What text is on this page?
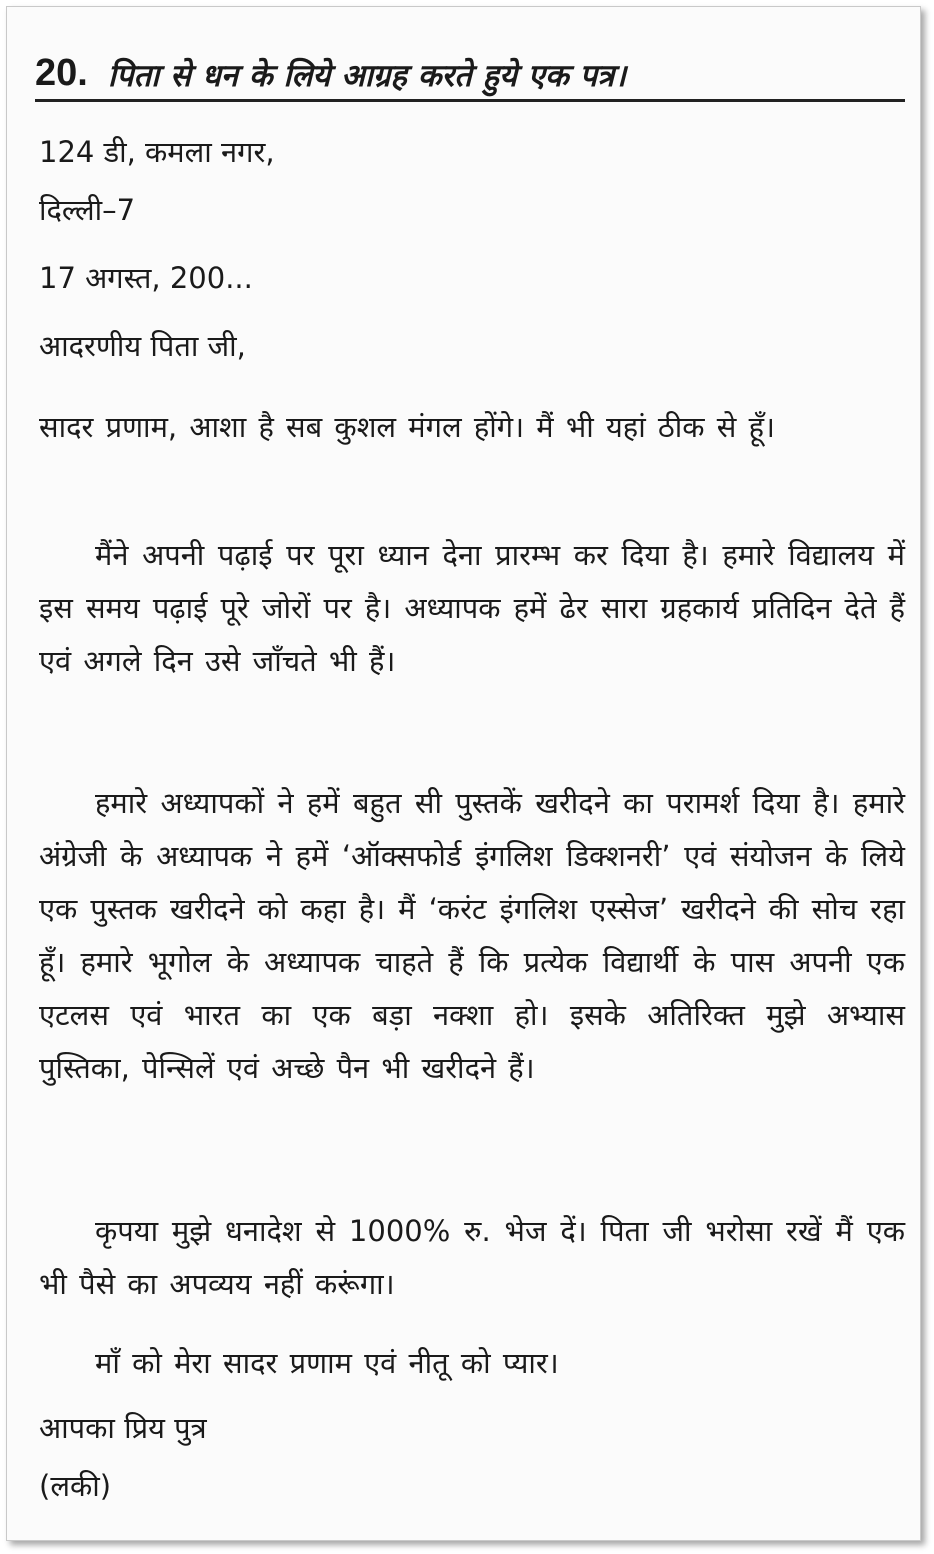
20. पिता से धन के लिये आग्रह करते हुये एक पत्र।
124 डी, कमला नगर,
दिल्ली–7
17 अगस्त, 200...
आदरणीय पिता जी,
सादर प्रणाम, आशा है सब कुशल मंगल होंगे। मैं भी यहां ठीक से हूँ।
मैंने अपनी पढ़ाई पर पूरा ध्यान देना प्रारम्भ कर दिया है। हमारे विद्यालय में इस समय पढ़ाई पूरे जोरों पर है। अध्यापक हमें ढेर सारा ग्रहकार्य प्रतिदिन देते हैं एवं अगले दिन उसे जाँचते भी हैं।
हमारे अध्यापकों ने हमें बहुत सी पुस्तकें खरीदने का परामर्श दिया है। हमारे अंग्रेजी के अध्यापक ने हमें ‘ऑक्सफोर्ड इंगलिश डिक्शनरी’ एवं संयोजन के लिये एक पुस्तक खरीदने को कहा है। मैं ‘करंट इंगलिश एस्सेज’ खरीदने की सोच रहा हूँ। हमारे भूगोल के अध्यापक चाहते हैं कि प्रत्येक विद्यार्थी के पास अपनी एक एटलस एवं भारत का एक बड़ा नक्शा हो। इसके अतिरिक्त मुझे अभ्यास पुस्तिका, पेन्सिलें एवं अच्छे पैन भी खरीदने हैं।
कृपया मुझे धनादेश से 1000% रु. भेज दें। पिता जी भरोसा रखें मैं एक भी पैसे का अपव्यय नहीं करूंगा।
माँ को मेरा सादर प्रणाम एवं नीतू को प्यार।
आपका प्रिय पुत्र
(लकी)
